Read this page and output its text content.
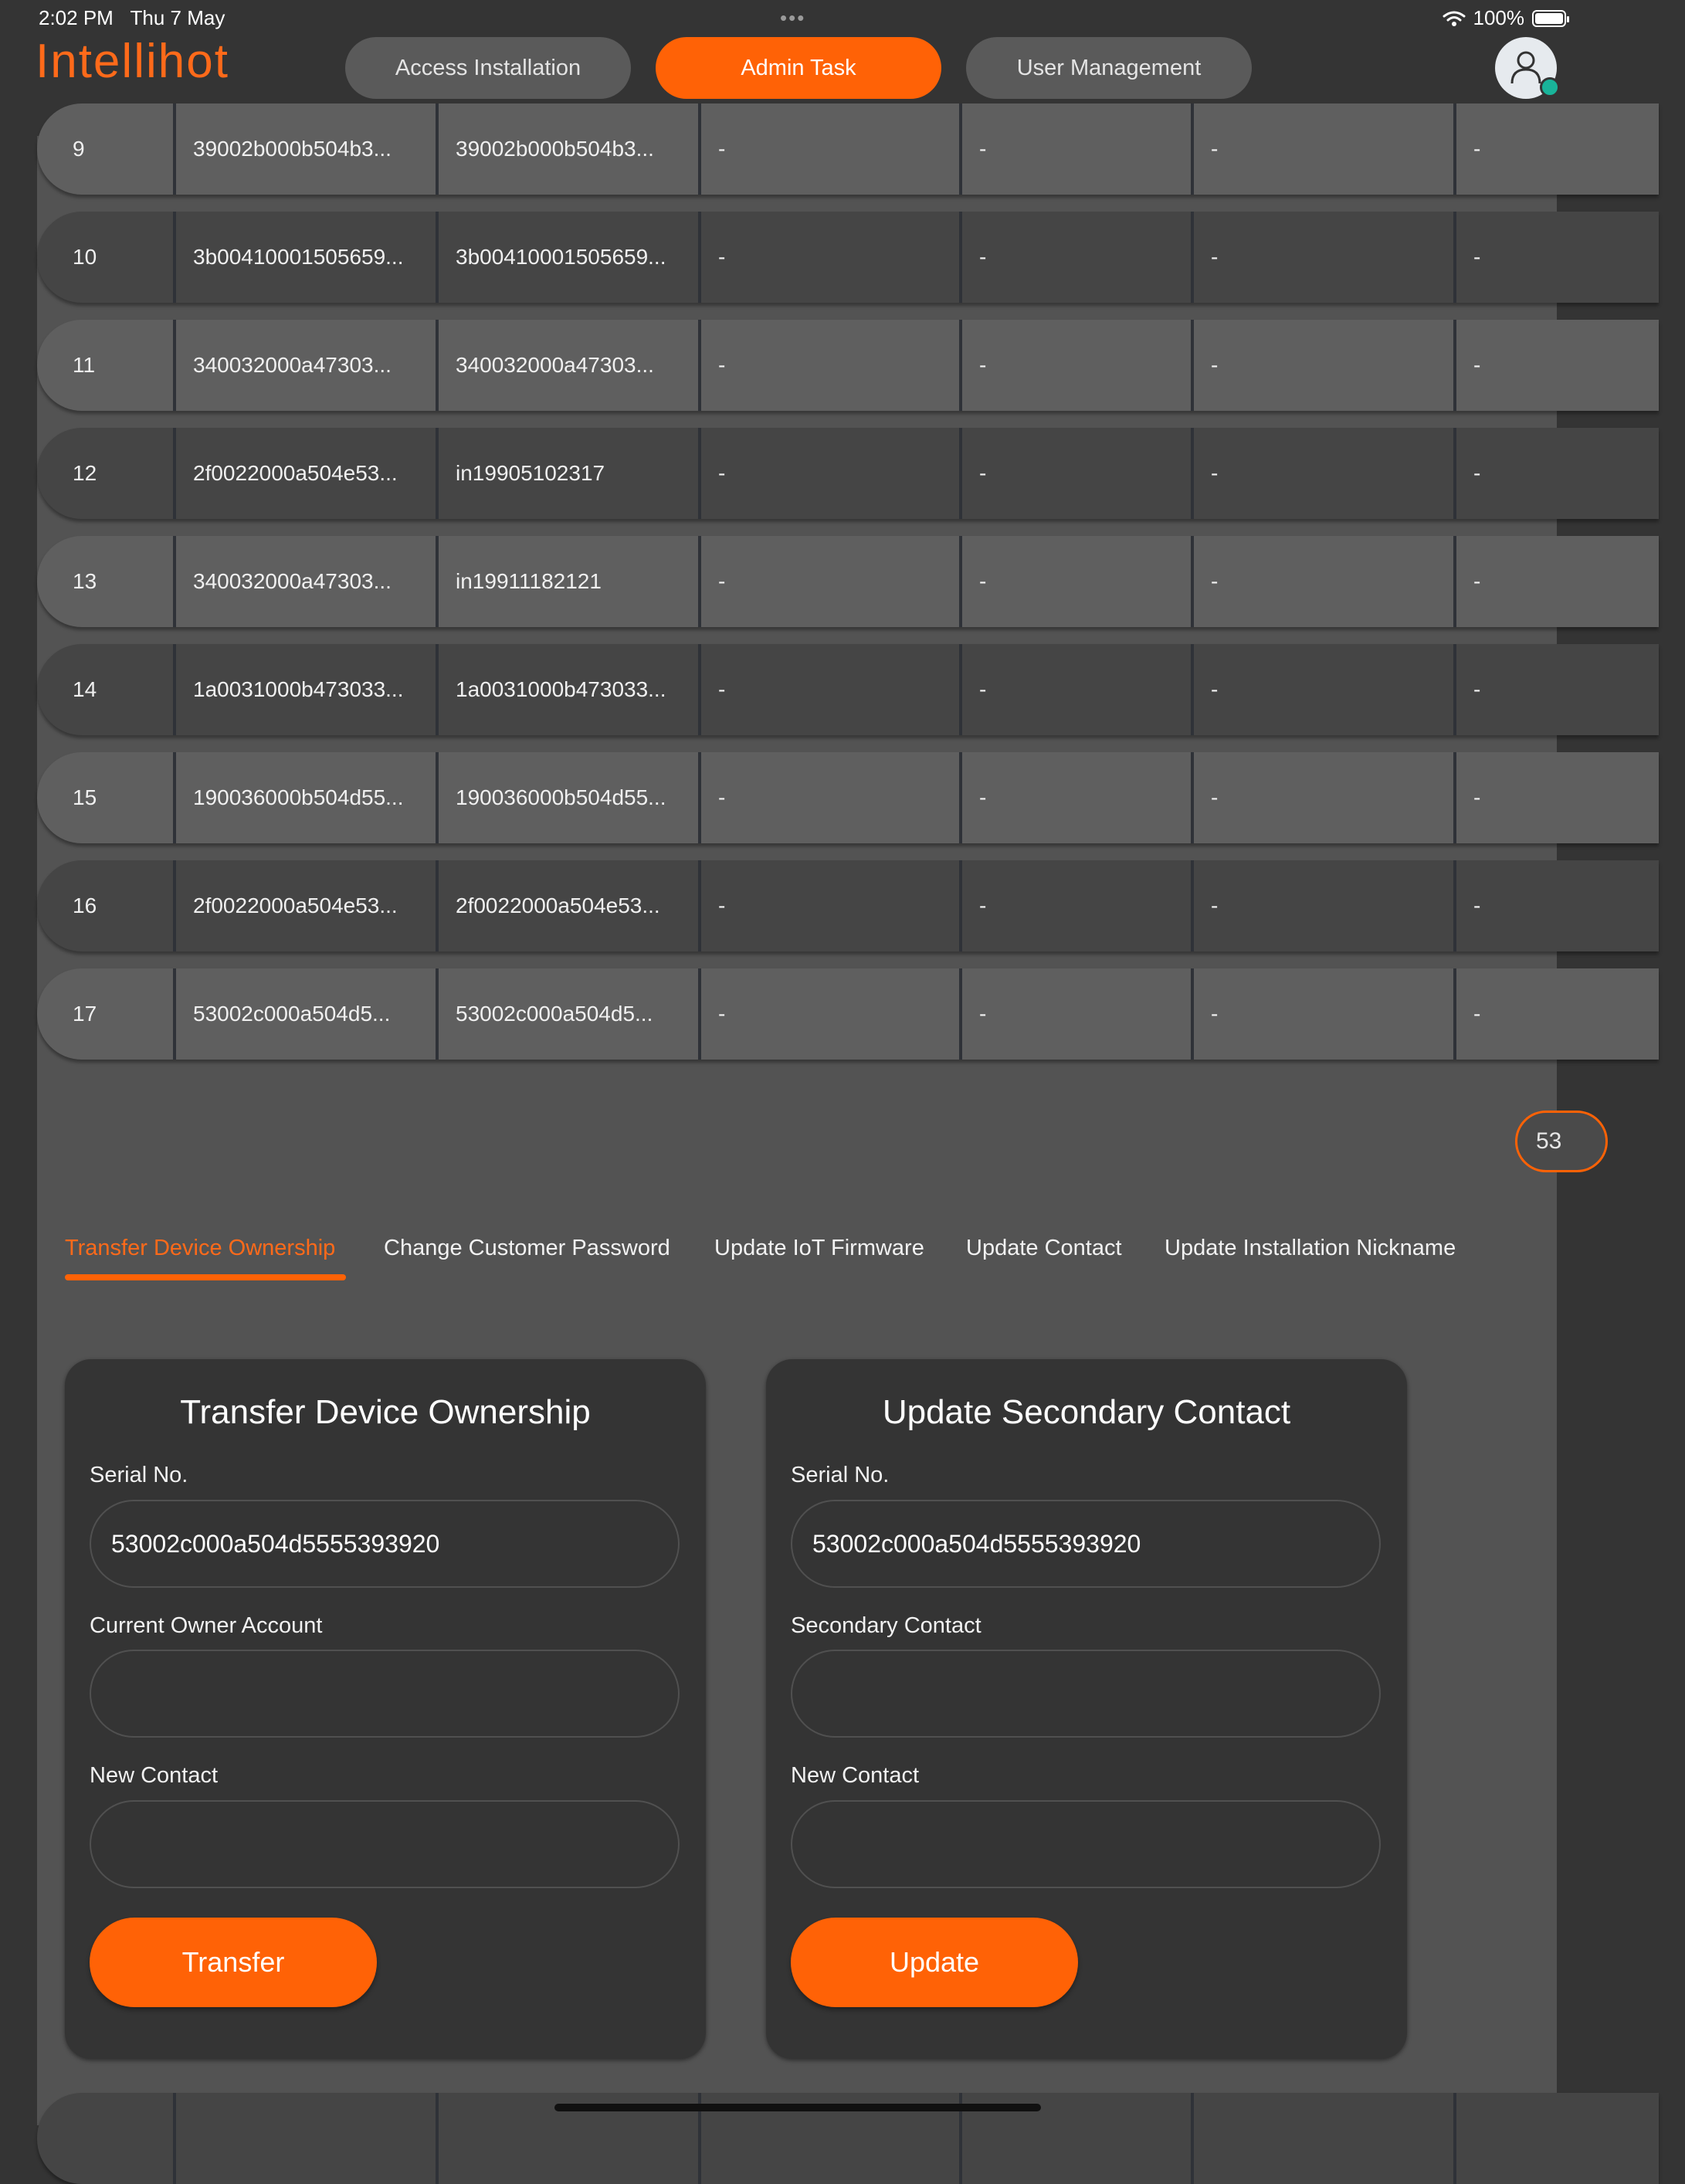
2:02 PM Thu 7 May	•••	100%
Intellihot	Access Installation	Admin Task	User Management
9	39002b000b504b3...	39002b000b504b3...	-	-	-	-
10	3b00410001505659...	3b00410001505659...	-	-	-	-
11	340032000a47303...	340032000a47303...	-	-	-	-
12	2f0022000a504e53...	in19905102317	-	-	-	-
13	340032000a47303...	in19911182121	-	-	-	-
14	1a0031000b473033...	1a0031000b473033...	-	-	-	-
15	190036000b504d55...	190036000b504d55...	-	-	-	-
16	2f0022000a504e53...	2f0022000a504e53...	-	-	-	-
17	53002c000a504d5...	53002c000a504d5...	-	-	-	-
53
Transfer Device Ownership Change Customer Password Update IoT Firmware Update Contact Update Installation Nickname
Transfer Device Ownership
Serial No.
53002c000a504d5555393920
Current Owner Account
New Contact
Transfer
Update Secondary Contact
Serial No.
53002c000a504d5555393920
Secondary Contact
New Contact
Update
